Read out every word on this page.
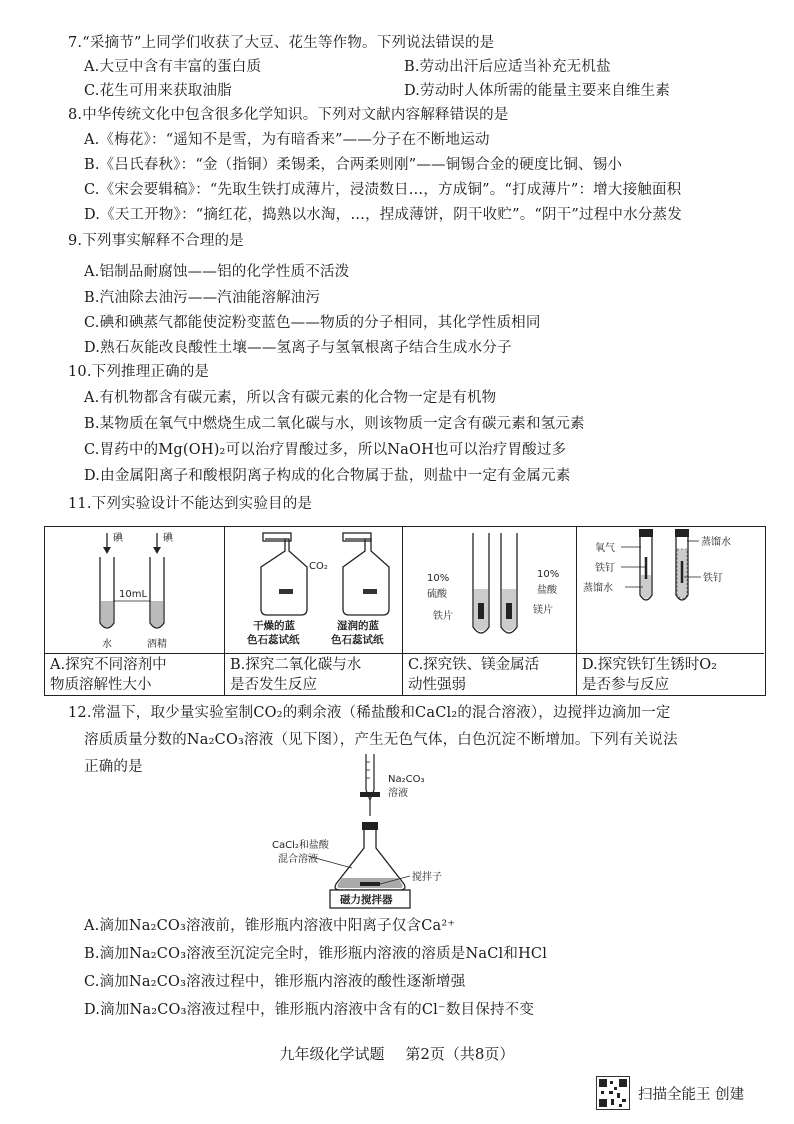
7.“采摘节”上同学们收获了大豆、花生等作物。下列说法错误的是
A.大豆中含有丰富的蛋白质	B.劳动出汗后应适当补充无机盐
C.花生可用来获取油脂	D.劳动时人体所需的能量主要来自维生素
8.中华传统文化中包含很多化学知识。下列对文献内容解释错误的是
A.《梅花》：“遥知不是雪，为有暗香来”——分子在不断地运动
B.《吕氏春秋》：“金（指铜）柔锡柔，合两柔则刚”——铜锡合金的硬度比铜、锡小
C.《宋会要辑稿》：“先取生铁打成薄片，浸渍数日…，方成铜”。“打成薄片”：增大接触面积
D.《天工开物》：“摘红花，捣熟以水淘，…，捏成薄饼，阴干收贮”。“阴干”过程中水分蒸发
9.下列事实解释不合理的是
A.铝制品耐腐蚀——铝的化学性质不活泼
B.汽油除去油污——汽油能溶解油污
C.碘和碘蒸气都能使淀粉变蓝色——物质的分子相同，其化学性质相同
D.熟石灰能改良酸性土壤——氢离子与氢氧根离子结合生成水分子
10.下列推理正确的是
A.有机物都含有碳元素，所以含有碳元素的化合物一定是有机物
B.某物质在氧气中燃烧生成二氧化碳与水，则该物质一定含有碳元素和氢元素
C.胃药中的Mg(OH)₂可以治疗胃酸过多，所以NaOH也可以治疗胃酸过多
D.由金属阳离子和酸根阴离子构成的化合物属于盐，则盐中一定有金属元素
11.下列实验设计不能达到实验目的是
碘	碘
10mL
水	酒精
A.探究不同溶剂中
物质溶解性大小
CO₂
干燥的蓝
色石蕊试纸
湿润的蓝
色石蕊试纸
B.探究二氧化碳与水
是否发生反应
10%
硫酸
铁片
10%
盐酸
镁片
C.探究铁、镁金属活
动性强弱
氧气
铁钉
蒸馏水
蒸馏水
铁钉
D.探究铁钉生锈时O₂
是否参与反应
12.常温下，取少量实验室制CO₂的剩余液（稀盐酸和CaCl₂的混合溶液），边搅拌边滴加一定
溶质质量分数的Na₂CO₃溶液（见下图），产生无色气体，白色沉淀不断增加。下列有关说法
正确的是
Na₂CO₃
溶液
CaCl₂和盐酸
混合溶液
搅拌子
磁力搅拌器
A.滴加Na₂CO₃溶液前，锥形瓶内溶液中阳离子仅含Ca²⁺
B.滴加Na₂CO₃溶液至沉淀完全时，锥形瓶内溶液的溶质是NaCl和HCl
C.滴加Na₂CO₃溶液过程中，锥形瓶内溶液的酸性逐渐增强
D.滴加Na₂CO₃溶液过程中，锥形瓶内溶液中含有的Cl⁻数目保持不变
九年级化学试题 第2页（共8页）
扫描全能王 创建
